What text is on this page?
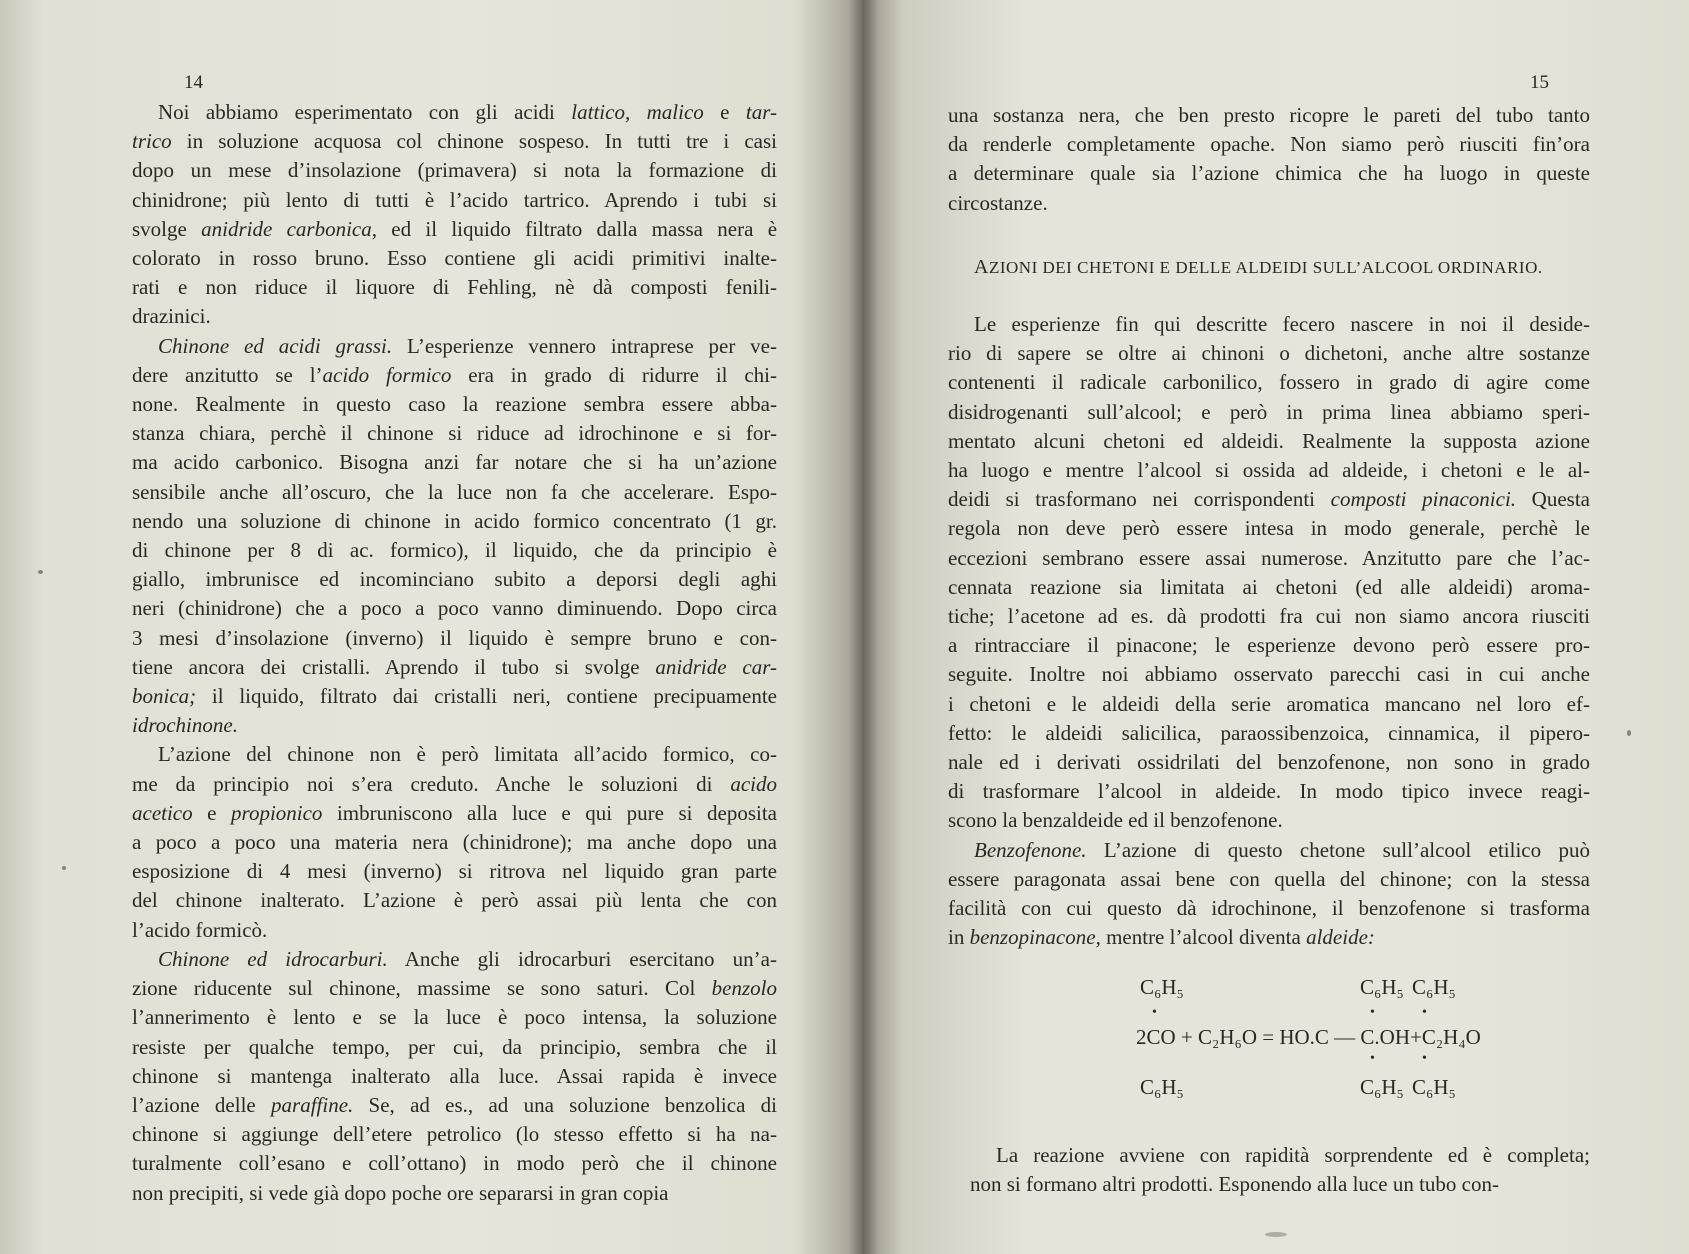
14
Noi abbiamo esperimentato con gli acidi lattico, malico e tar-
trico in soluzione acquosa col chinone sospeso. In tutti tre i casi
dopo un mese d’insolazione (primavera) si nota la formazione di
chinidrone; più lento di tutti è l’acido tartrico. Aprendo i tubi si
svolge anidride carbonica, ed il liquido filtrato dalla massa nera è
colorato in rosso bruno. Esso contiene gli acidi primitivi inalte-
rati e non riduce il liquore di Fehling, nè dà composti fenili-
drazinici.
Chinone ed acidi grassi. L’esperienze vennero intraprese per ve-
dere anzitutto se l’acido formico era in grado di ridurre il chi-
none. Realmente in questo caso la reazione sembra essere abba-
stanza chiara, perchè il chinone si riduce ad idrochinone e si for-
ma acido carbonico. Bisogna anzi far notare che si ha un’azione
sensibile anche all’oscuro, che la luce non fa che accelerare. Espo-
nendo una soluzione di chinone in acido formico concentrato (1 gr.
di chinone per 8 di ac. formico), il liquido, che da principio è
giallo, imbrunisce ed incominciano subito a deporsi degli aghi
neri (chinidrone) che a poco a poco vanno diminuendo. Dopo circa
3 mesi d’insolazione (inverno) il liquido è sempre bruno e con-
tiene ancora dei cristalli. Aprendo il tubo si svolge anidride car-
bonica; il liquido, filtrato dai cristalli neri, contiene precipuamente
idrochinone.
L’azione del chinone non è però limitata all’acido formico, co-
me da principio noi s’era creduto. Anche le soluzioni di acido
acetico e propionico imbruniscono alla luce e qui pure si deposita
a poco a poco una materia nera (chinidrone); ma anche dopo una
esposizione di 4 mesi (inverno) si ritrova nel liquido gran parte
del chinone inalterato. L’azione è però assai più lenta che con
l’acido formicò.
Chinone ed idrocarburi. Anche gli idrocarburi esercitano un’a-
zione riducente sul chinone, massime se sono saturi. Col benzolo
l’annerimento è lento e se la luce è poco intensa, la soluzione
resiste per qualche tempo, per cui, da principio, sembra che il
chinone si mantenga inalterato alla luce. Assai rapida è invece
l’azione delle paraffine. Se, ad es., ad una soluzione benzolica di
chinone si aggiunge dell’etere petrolico (lo stesso effetto si ha na-
turalmente coll’esano e coll’ottano) in modo però che il chinone
non precipiti, si vede già dopo poche ore separarsi in gran copia
15
una sostanza nera, che ben presto ricopre le pareti del tubo tanto
da renderle completamente opache. Non siamo però riusciti fin’ora
a determinare quale sia l’azione chimica che ha luogo in queste
circostanze.
AZIONI DEI CHETONI E DELLE ALDEIDI SULL’ALCOOL ORDINARIO.
Le esperienze fin qui descritte fecero nascere in noi il deside-
rio di sapere se oltre ai chinoni o dichetoni, anche altre sostanze
contenenti il radicale carbonilico, fossero in grado di agire come
disidrogenanti sull’alcool; e però in prima linea abbiamo speri-
mentato alcuni chetoni ed aldeidi. Realmente la supposta azione
ha luogo e mentre l’alcool si ossida ad aldeide, i chetoni e le al-
deidi si trasformano nei corrispondenti composti pinaconici. Questa
regola non deve però essere intesa in modo generale, perchè le
eccezioni sembrano essere assai numerose. Anzitutto pare che l’ac-
cennata reazione sia limitata ai chetoni (ed alle aldeidi) aroma-
tiche; l’acetone ad es. dà prodotti fra cui non siamo ancora riusciti
a rintracciare il pinacone; le esperienze devono però essere pro-
seguite. Inoltre noi abbiamo osservato parecchi casi in cui anche
i chetoni e le aldeidi della serie aromatica mancano nel loro ef-
fetto: le aldeidi salicilica, paraossibenzoica, cinnamica, il pipero-
nale ed i derivati ossidrilati del benzofenone, non sono in grado
di trasformare l’alcool in aldeide. In modo tipico invece reagi-
scono la benzaldeide ed il benzofenone.
Benzofenone. L’azione di questo chetone sull’alcool etilico può
essere paragonata assai bene con quella del chinone; con la stessa
facilità con cui questo dà idrochinone, il benzofenone si trasforma
in benzopinacone, mentre l’alcool diventa aldeide:
C₆H₅	C₆H₅ C₆H₅
•	•	•
2CO + C₂H₆O = HO.C — C.OH+C₂H₄O
•	•
C₆H₅	C₆H₅ C₆H₅
La reazione avviene con rapidità sorprendente ed è completa;
non si formano altri prodotti. Esponendo alla luce un tubo con-
